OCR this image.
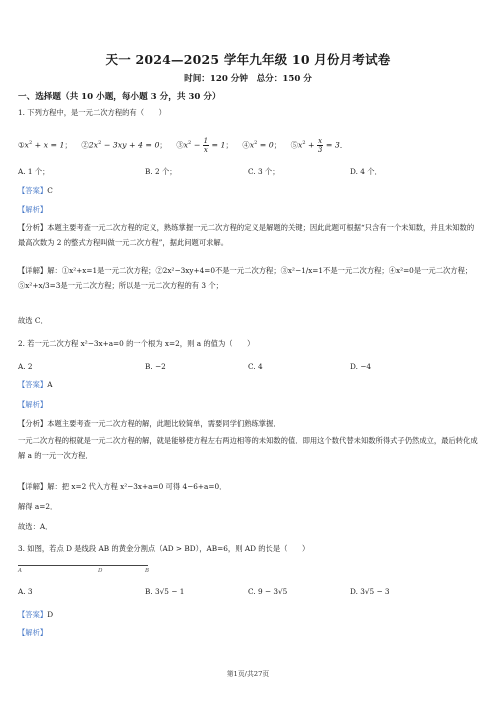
天一 2024—2025 学年九年级 10 月份月考试卷
时间：120 分钟　总分：150 分
一、选择题（共 10 小题，每小题 3 分，共 30 分）
1. 下列方程中，是一元二次方程的有（　　）
$①x^2 + x = 1$； 　$②2x^2 - 3xy + 4 = 0$； 　$③x^2 - \frac{1}{x} = 1$； 　$④x^2 = 0$； 　$⑤x^2 + \frac{x}{3} = 3$．
A. 1 个；	B. 2 个；	C. 3 个；	D. 4 个．
【答案】C
【解析】
【分析】本题主要考查一元二次方程的定义，熟练掌握一元二次方程的定义是解题的关键；因此此题可根据“只含有一个未知数，并且未知数的最高次数为 2 的整式方程叫做一元二次方程”，据此问题可求解。
【详解】解：①x²+x=1是一元二次方程；②2x²−3xy+4=0不是一元二次方程；③x²−1/x=1不是一元二次方程；④x²=0是一元二次方程；⑤x²+x/3=3是一元二次方程；所以是一元二次方程的有 3 个；
故选 C．
2. 若一元二次方程 x²−3x+a=0 的一个根为 x=2，则 a 的值为（　　）
A. 2	B. −2	C. 4	D. −4
【答案】A
【解析】
【分析】本题主要考查一元二次方程的解，此题比较简单，需要同学们熟练掌握．
一元二次方程的根就是一元二次方程的解，就是能够使方程左右两边相等的未知数的值．即用这个数代替未知数所得式子仍然成立，最后转化成解 a 的一元一次方程．
【详解】解：把 x=2 代入方程 x²−3x+a=0 可得 4−6+a=0．
解得 a=2．
故选：A．
3. 如图，若点 D 是线段 AB 的黄金分割点（AD > BD），AB=6，则 AD 的长是（　　）
A	D	B
A. 3	B. 3√5 − 1	C. 9 − 3√5	D. 3√5 − 3
【答案】D
【解析】
第1页/共27页
